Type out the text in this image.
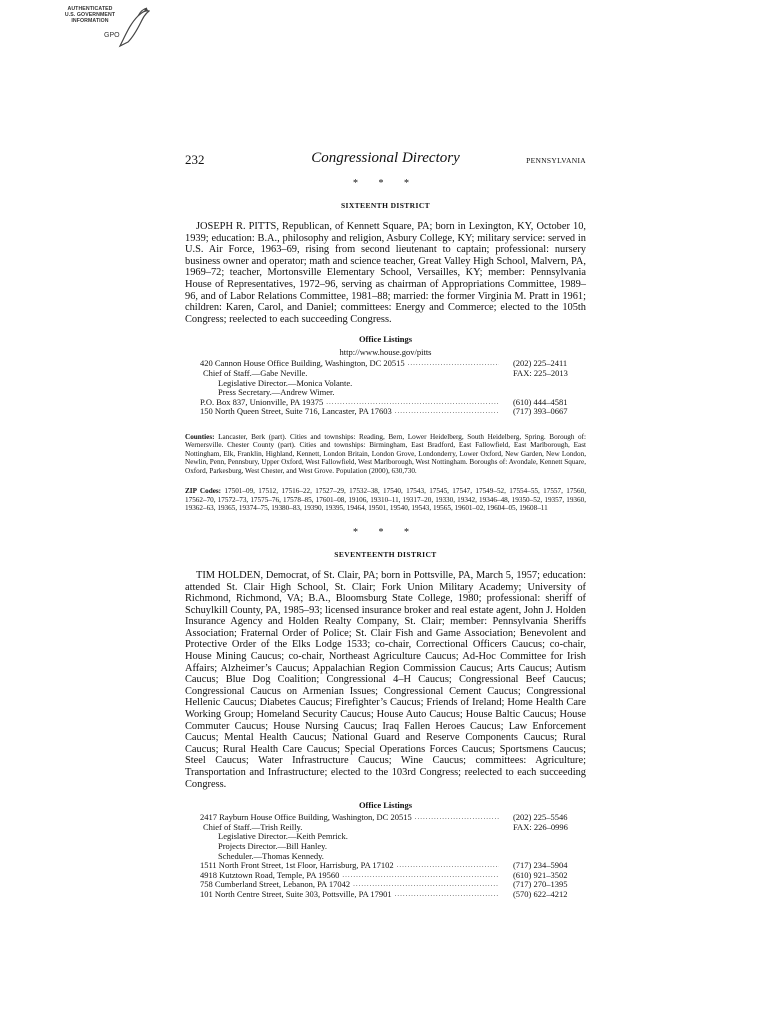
AUTHENTICATED
U.S. GOVERNMENT
INFORMATION
GPO
232	Congressional Directory	PENNSYLVANIA
* * *
SIXTEENTH DISTRICT

JOSEPH R. PITTS, Republican, of Kennett Square, PA; born in Lexington, KY, October 10, 1939; education: B.A., philosophy and religion, Asbury College, KY; military service: served in U.S. Air Force, 1963–69, rising from second lieutenant to captain; professional: nursery business owner and operator; math and science teacher, Great Valley High School, Malvern, PA, 1969–72; teacher, Mortonsville Elementary School, Versailles, KY; member: Pennsylvania House of Representatives, 1972–96, serving as chairman of Appropriations Committee, 1989–96, and of Labor Relations Committee, 1981–88; married: the former Virginia M. Pratt in 1961; children: Karen, Carol, and Daniel; committees: Energy and Commerce; elected to the 105th Congress; reelected to each succeeding Congress.

Office Listings
http://www.house.gov/pitts
420 Cannon House Office Building, Washington, DC 20515 .....	(202) 225–2411
Chief of Staff.—Gabe Neville.	FAX: 225–2013
Legislative Director.—Monica Volante.
Press Secretary.—Andrew Wimer.
P.O. Box 837, Unionville, PA 19375 .....	(610) 444–4581
150 North Queen Street, Suite 716, Lancaster, PA 17603 .....	(717) 393–0667
Counties: Lancaster, Berk (part). Cities and townships: Reading, Bern, Lower Heidelberg, South Heidelberg, Spring. Borough of: Wernersville. Chester County (part). Cities and townships: Birmingham, East Bradford, East Fallowfield, East Marlborough, East Nottingham, Elk, Franklin, Highland, Kennett, London Britain, London Grove, Londonderry, Lower Oxford, New Garden, New London, Newlin, Penn, Pennsbury, Upper Oxford, West Fallowfield, West Marlborough, West Nottingham. Boroughs of: Avondale, Kennett Square, Oxford, Parkesburg, West Chester, and West Grove. Population (2000), 630,730.
ZIP Codes: 17501–09, 17512, 17516–22, 17527–29, 17532–38, 17540, 17543, 17545, 17547, 17549–52, 17554–55, 17557, 17560, 17562–70, 17572–73, 17575–76, 17578–85, 17601–08, 19106, 19310–11, 19317–20, 19330, 19342, 19346–48, 19350–52, 19357, 19360, 19362–63, 19365, 19374–75, 19380–83, 19390, 19395, 19464, 19501, 19540, 19543, 19565, 19601–02, 19604–05, 19608–11
* * *
SEVENTEENTH DISTRICT

TIM HOLDEN, Democrat, of St. Clair, PA; born in Pottsville, PA, March 5, 1957; education: attended St. Clair High School, St. Clair; Fork Union Military Academy; University of Richmond, Richmond, VA; B.A., Bloomsburg State College, 1980; professional: sheriff of Schuylkill County, PA, 1985–93; licensed insurance broker and real estate agent, John J. Holden Insurance Agency and Holden Realty Company, St. Clair; member: Pennsylvania Sheriffs Association; Fraternal Order of Police; St. Clair Fish and Game Association; Benevolent and Protective Order of the Elks Lodge 1533; co-chair, Correctional Officers Caucus; co-chair, House Mining Caucus; co-chair, Northeast Agriculture Caucus; Ad-Hoc Committee for Irish Affairs; Alzheimer’s Caucus; Appalachian Region Commission Caucus; Arts Caucus; Autism Caucus; Blue Dog Coalition; Congressional 4–H Caucus; Congressional Beef Caucus; Congressional Caucus on Armenian Issues; Congressional Cement Caucus; Congressional Hellenic Caucus; Diabetes Caucus; Firefighter’s Caucus; Friends of Ireland; Home Health Care Working Group; Homeland Security Caucus; House Auto Caucus; House Baltic Caucus; House Commuter Caucus; House Nursing Caucus; Iraq Fallen Heroes Caucus; Law Enforcement Caucus; Mental Health Caucus; National Guard and Reserve Components Caucus; Rural Caucus; Rural Health Care Caucus; Special Operations Forces Caucus; Sportsmens Caucus; Steel Caucus; Water Infrastructure Caucus; Wine Caucus; committees: Agriculture; Transportation and Infrastructure; elected to the 103rd Congress; reelected to each succeeding Congress.

Office Listings
2417 Rayburn House Office Building, Washington, DC 20515 .....	(202) 225–5546
Chief of Staff.—Trish Reilly.	FAX: 226–0996
Legislative Director.—Keith Pemrick.
Projects Director.—Bill Hanley.
Scheduler.—Thomas Kennedy.
1511 North Front Street, 1st Floor, Harrisburg, PA 17102 .....	(717) 234–5904
4918 Kutztown Road, Temple, PA 19560 .....	(610) 921–3502
758 Cumberland Street, Lebanon, PA 17042 .....	(717) 270–1395
101 North Centre Street, Suite 303, Pottsville, PA 17901 .....	(570) 622–4212
